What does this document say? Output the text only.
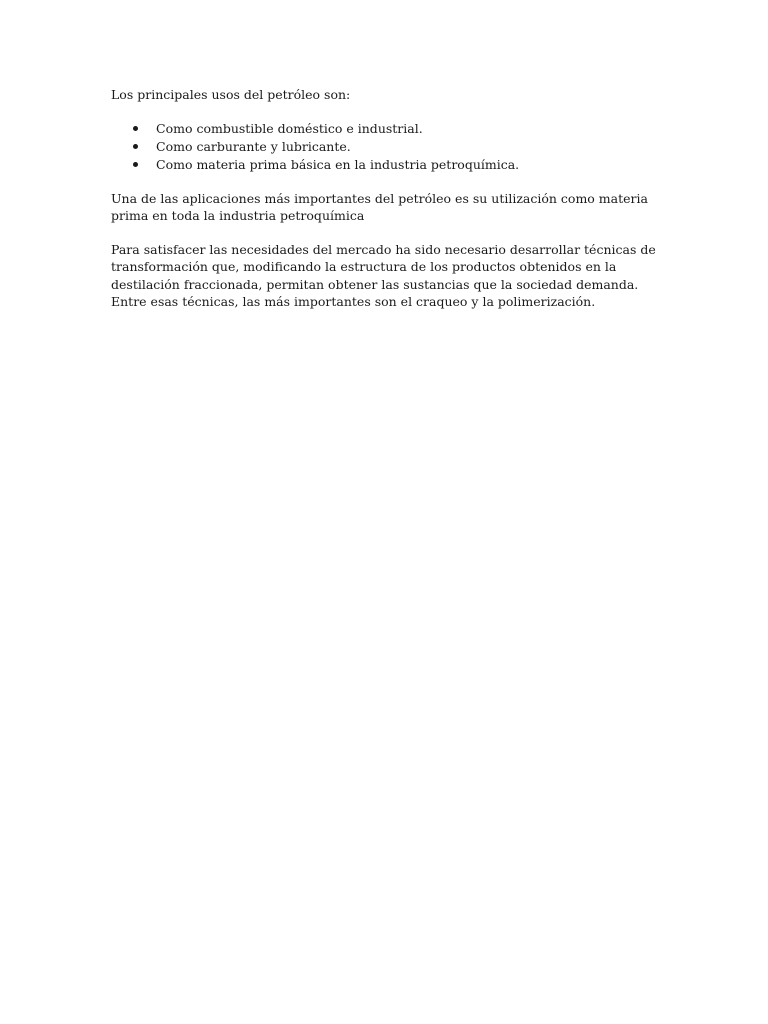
Los principales usos del petróleo son:

Como combustible doméstico e industrial.
Como carburante y lubricante.
Como materia prima básica en la industria petroquímica.

Una de las aplicaciones más importantes del petróleo es su utilización como materia prima en toda la industria petroquímica

Para satisfacer las necesidades del mercado ha sido necesario desarrollar técnicas de transformación que, modificando la estructura de los productos obtenidos en la destilación fraccionada, permitan obtener las sustancias que la sociedad demanda. Entre esas técnicas, las más importantes son el craqueo y la polimerización.
